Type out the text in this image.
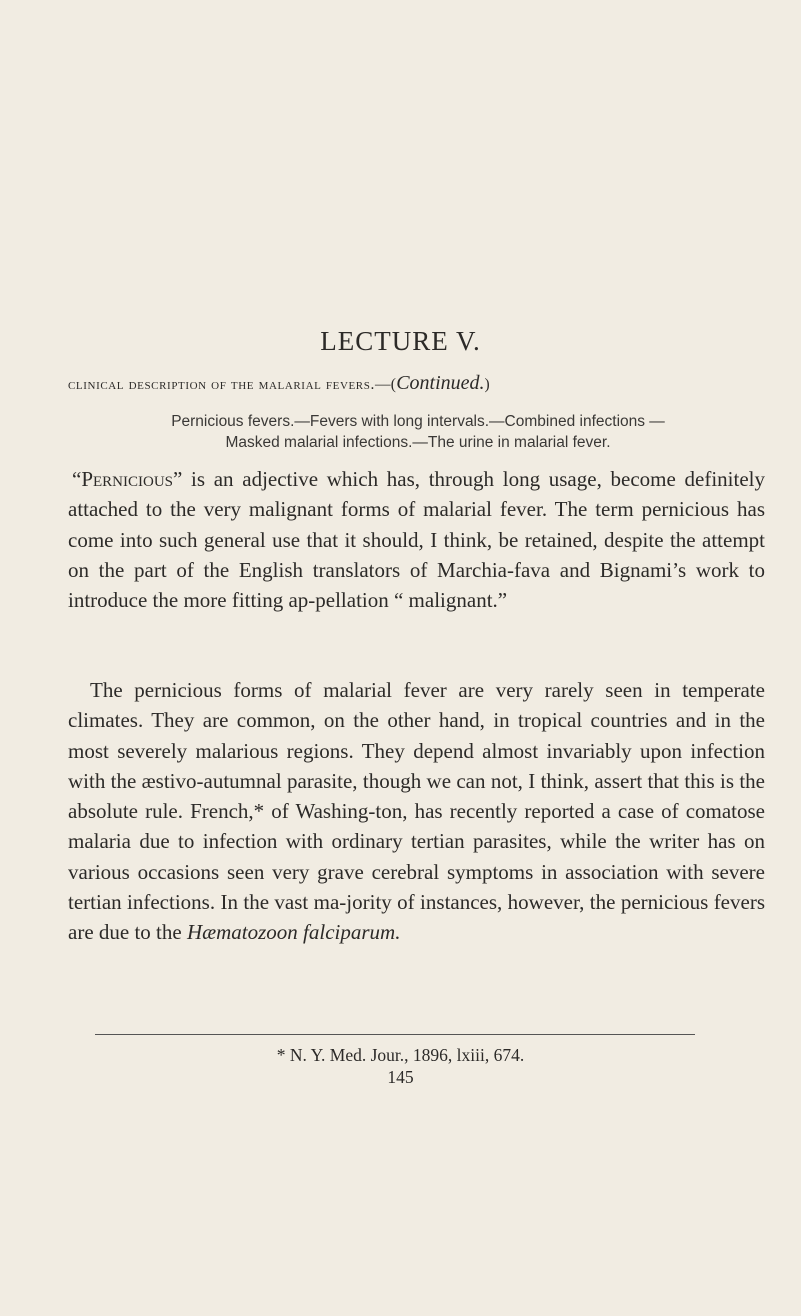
LECTURE V.
clinical description of the malarial fevers.—(Continued.)

Pernicious fevers.—Fevers with long intervals.—Combined infections —
Masked malarial infections.—The urine in malarial fever.

“Pernicious” is an adjective which has, through long usage, become definitely attached to the very malignant forms of malarial fever. The term pernicious has come into such general use that it should, I think, be retained, despite the attempt on the part of the English translators of Marchia-fava and Bignami’s work to introduce the more fitting ap-pellation “ malignant.”

The pernicious forms of malarial fever are very rarely seen in temperate climates. They are common, on the other hand, in tropical countries and in the most severely malarious regions. They depend almost invariably upon infection with the æstivo-autumnal parasite, though we can not, I think, assert that this is the absolute rule. French,* of Washing-ton, has recently reported a case of comatose malaria due to infection with ordinary tertian parasites, while the writer has on various occasions seen very grave cerebral symptoms in association with severe tertian infections. In the vast ma-jority of instances, however, the pernicious fevers are due to the Hæmatozoon falciparum.

* N. Y. Med. Jour., 1896, lxiii, 674.

145
